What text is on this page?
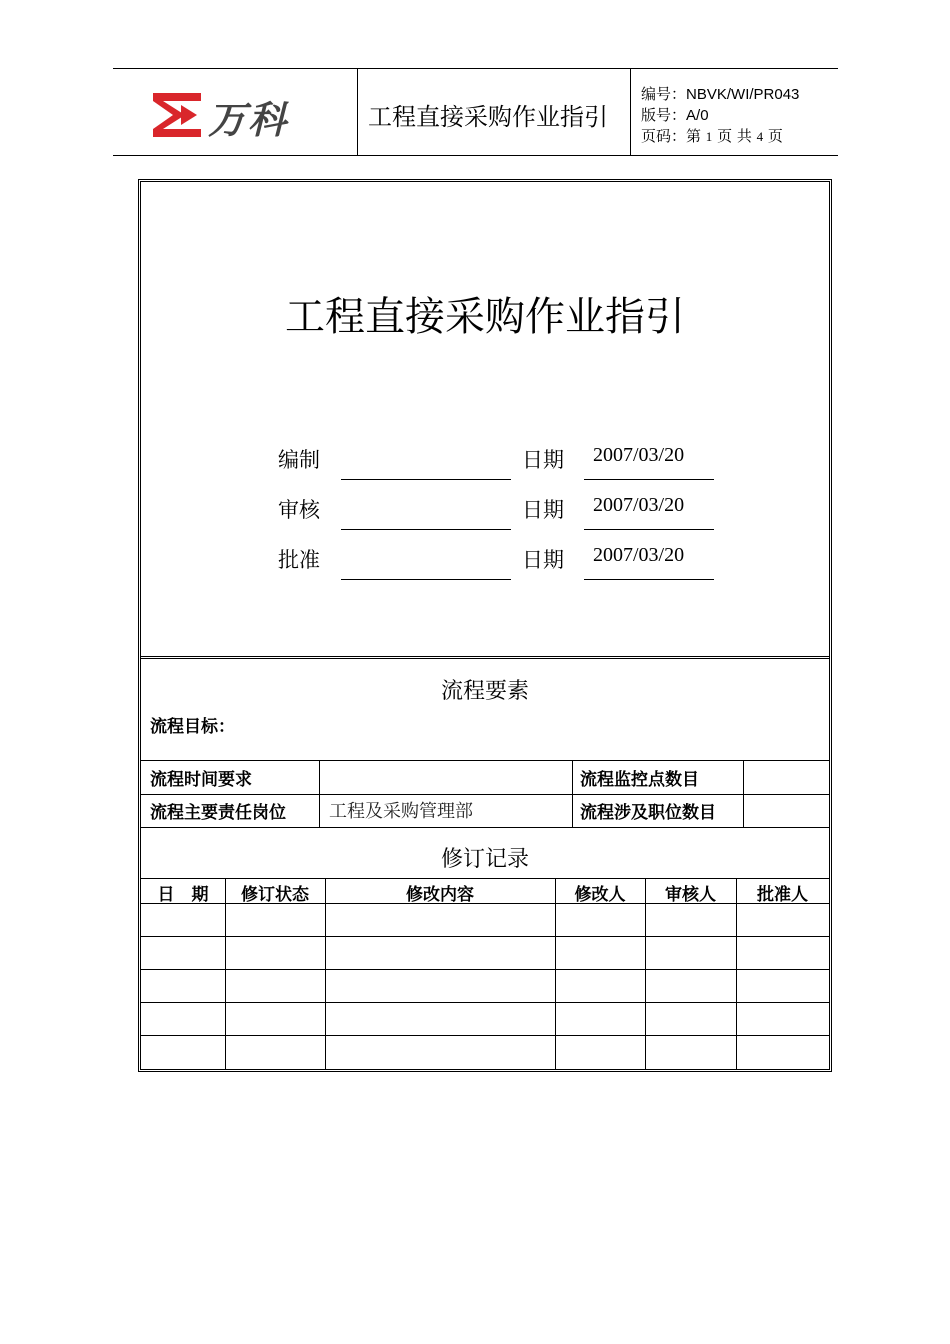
万科	工程直接采购作业指引
编号：NBVK/WI/PR043
版号：A/0
页码：第 1 页 共 4 页
工程直接采购作业指引
编制	日期 2007/03/20
审核	日期 2007/03/20
批准	日期 2007/03/20
流程要素
流程目标：
流程时间要求	流程监控点数目
流程主要责任岗位 工程及采购管理部	流程涉及职位数目
修订记录
日　期	修订状态	修改内容	修改人	审核人	批准人
